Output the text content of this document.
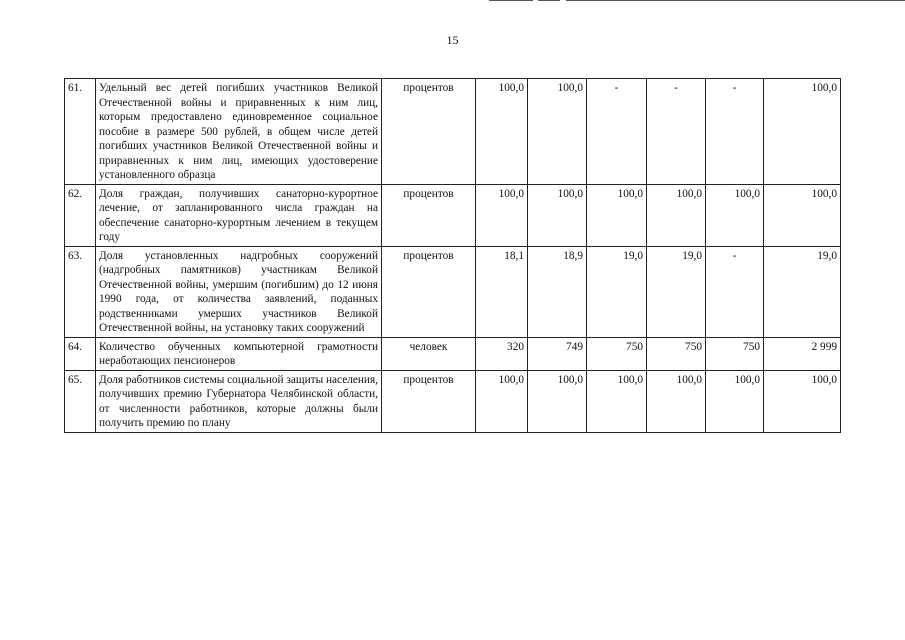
15
61.	Удельный вес детей погибших участников Великой Отечественной войны и приравненных к ним лиц, которым предоставлено единовременное социальное пособие в размере 500 рублей, в общем числе детей погибших участников Великой Отечественной войны и приравненных к ним лиц, имеющих удостоверение установленного образца	процентов	100,0	100,0	-	-	-	100,0
62.	Доля граждан, получивших санаторно-курортное лечение, от запланированного числа граждан на обеспечение санаторно-курортным лечением в текущем году	процентов	100,0	100,0	100,0	100,0	100,0	100,0
63.	Доля установленных надгробных сооружений (надгробных памятников) участникам Великой Отечественной войны, умершим (погибшим) до 12 июня 1990 года, от количества заявлений, поданных родственниками умерших участников Великой Отечественной войны, на установку таких сооружений	процентов	18,1	18,9	19,0	19,0	-	19,0
64.	Количество обученных компьютерной грамотности неработающих пенсионеров	человек	320	749	750	750	750	2 999
65.	Доля работников системы социальной защиты населения, получивших премию Губернатора Челябинской области, от численности работников, которые должны были получить премию по плану	процентов	100,0	100,0	100,0	100,0	100,0	100,0
